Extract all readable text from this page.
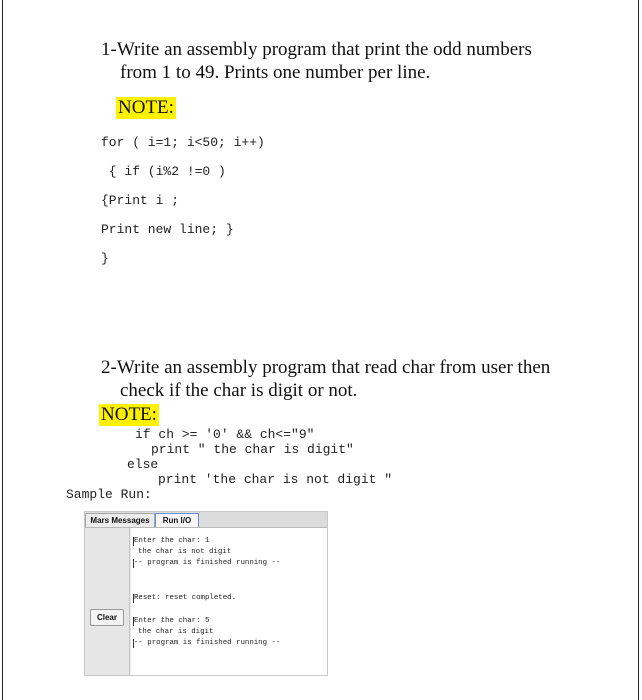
1-Write an assembly program that print the odd numbers
from 1 to 49. Prints one number per line.
NOTE:
for ( i=1; i<50; i++)
{ if (i%2 !=0 )
{Print i ;
Print new line; }
}
2-Write an assembly program that read char from user then
check if the char is digit or not.
NOTE:
if ch >= '0' && ch<="9"
print " the char is digit"
else
print 'the char is not digit "
Sample Run:
Mars Messages	Run I/O
Clear
Enter the char: 1
the char is not digit
-- program is finished running --
Reset: reset completed.
Enter the char: 5
the char is digit
-- program is finished running --
